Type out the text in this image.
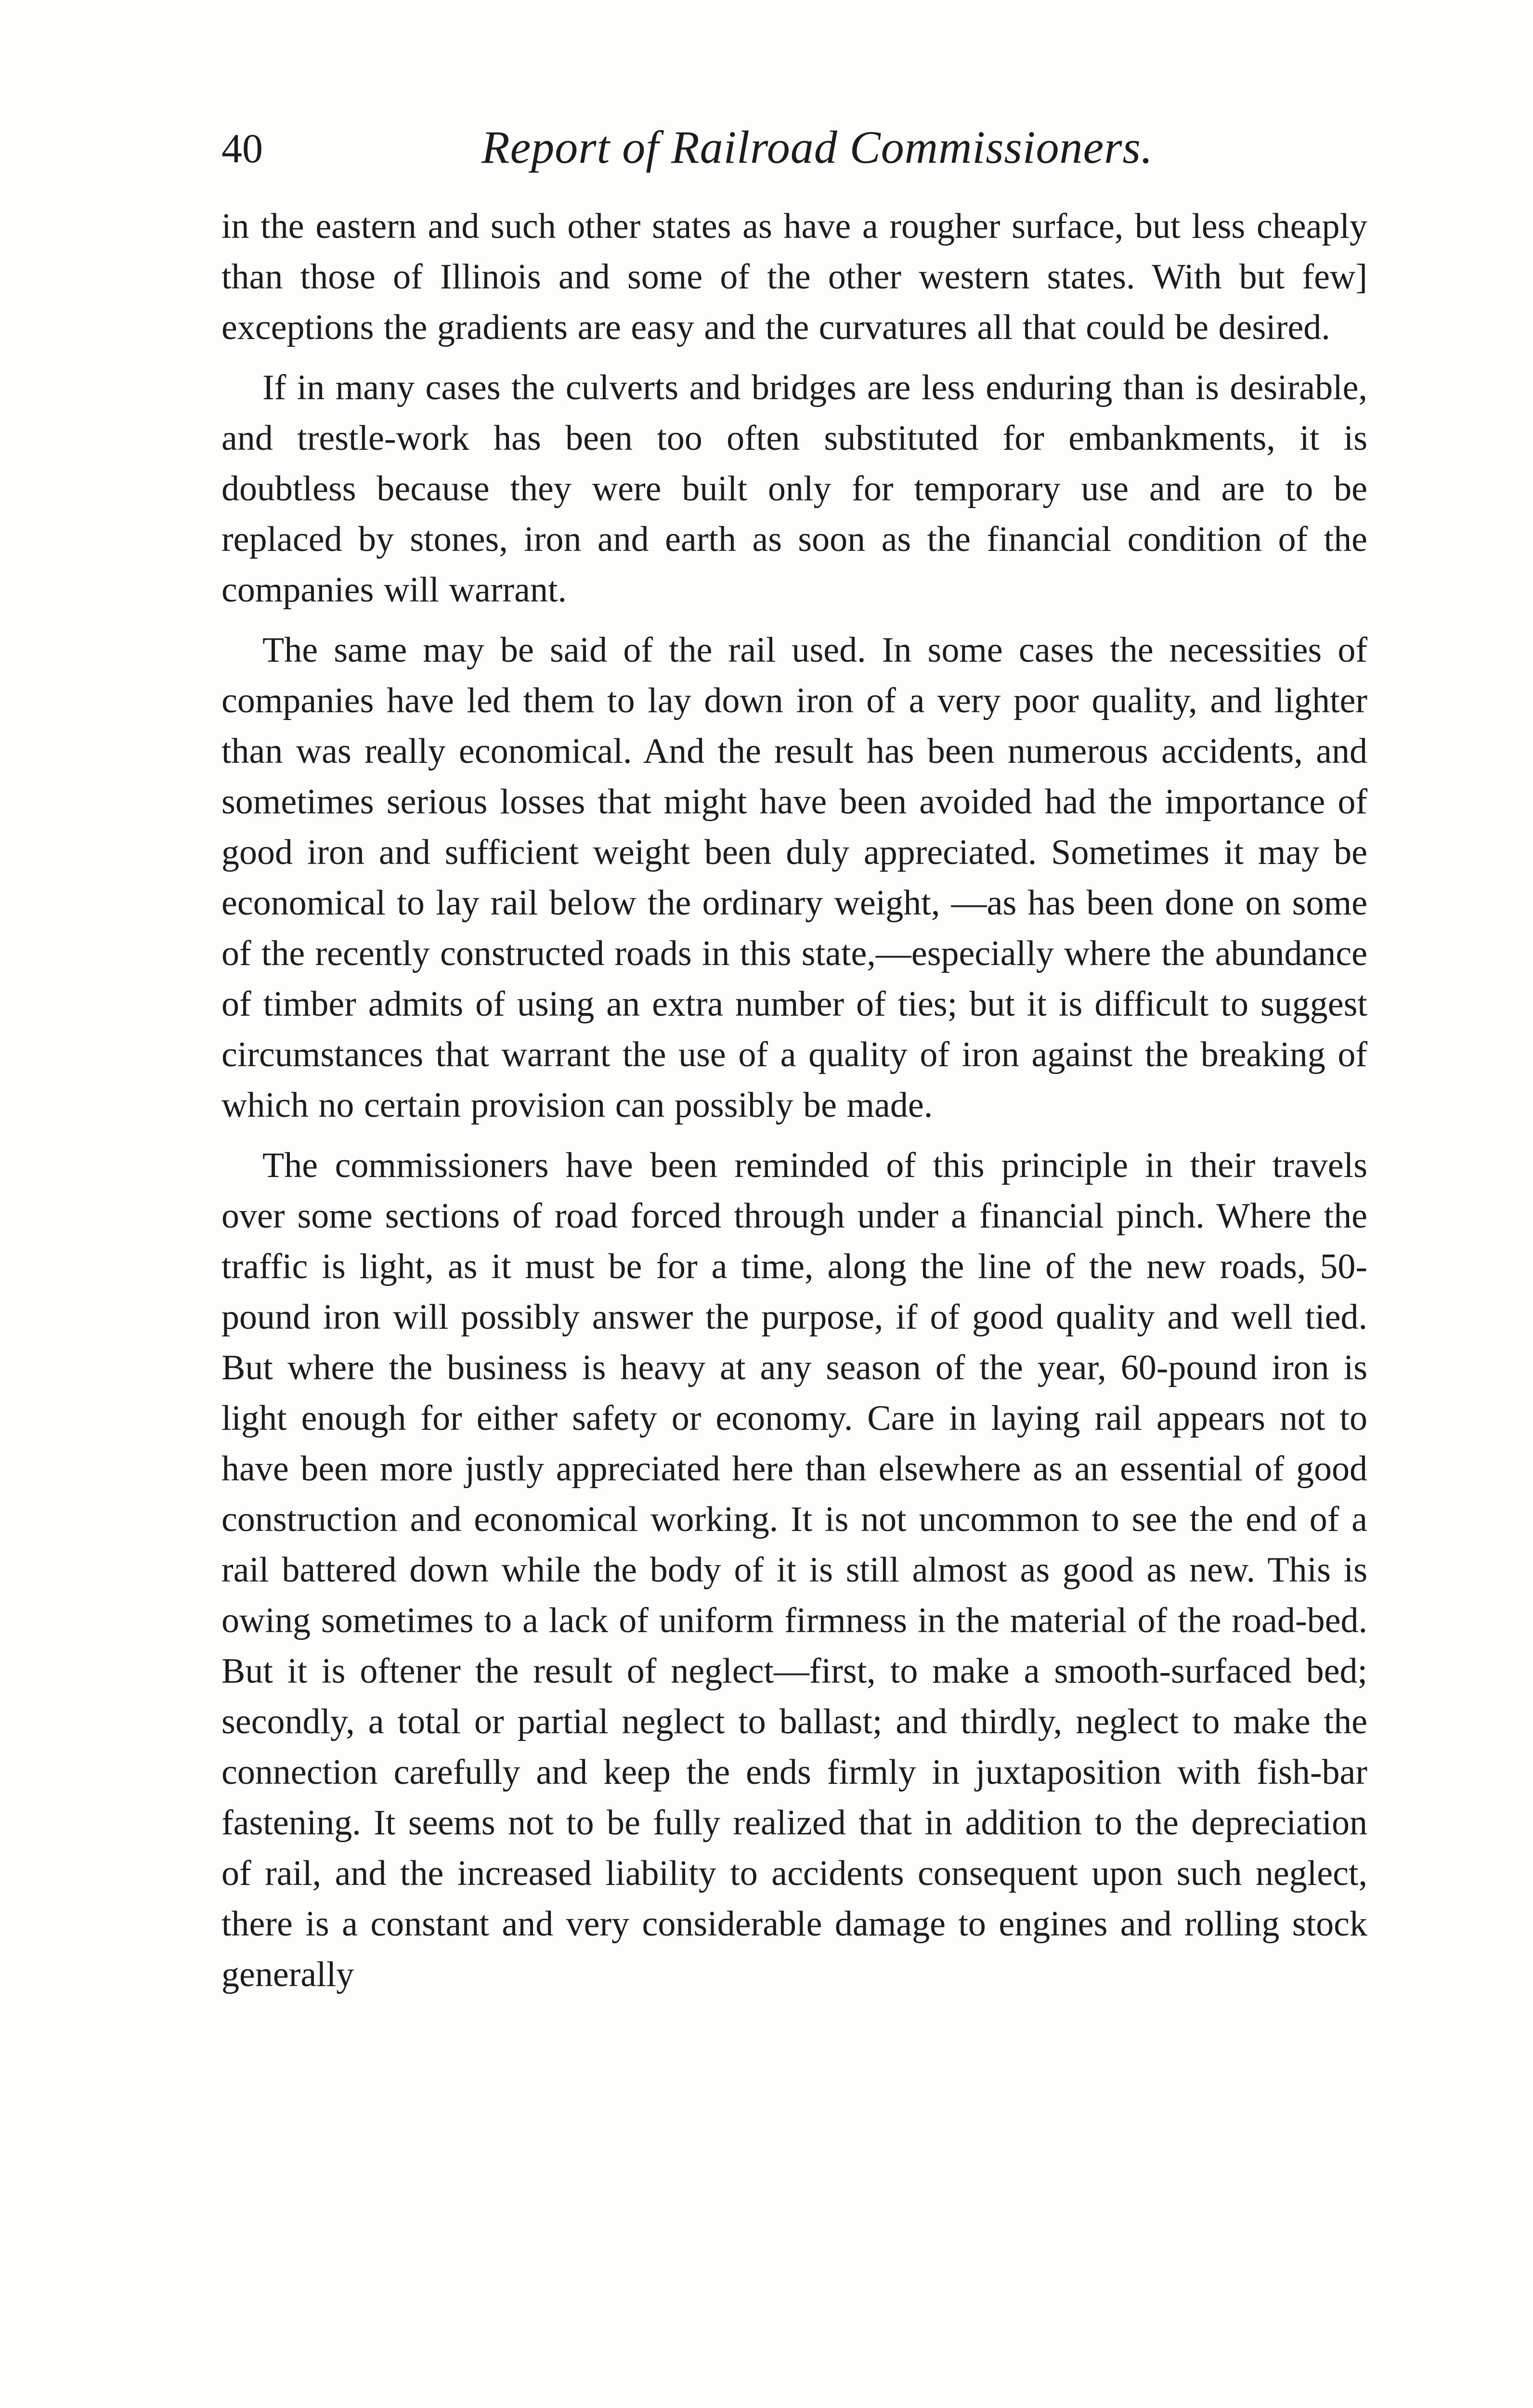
40	Report of Railroad Commissioners.

in the eastern and such other states as have a rougher surface, but less cheaply than those of Illinois and some of the other western states. With but few] exceptions the gradients are easy and the curvatures all that could be desired.

If in many cases the culverts and bridges are less enduring than is desirable, and trestle-work has been too often substituted for embankments, it is doubtless because they were built only for temporary use and are to be replaced by stones, iron and earth as soon as the financial condition of the companies will warrant.

The same may be said of the rail used. In some cases the necessities of companies have led them to lay down iron of a very poor quality, and lighter than was really economical. And the result has been numerous accidents, and sometimes serious losses that might have been avoided had the importance of good iron and sufficient weight been duly appreciated. Sometimes it may be economical to lay rail below the ordinary weight, —as has been done on some of the recently constructed roads in this state,—especially where the abundance of timber admits of using an extra number of ties; but it is difficult to suggest circumstances that warrant the use of a quality of iron against the breaking of which no certain provision can possibly be made.

The commissioners have been reminded of this principle in their travels over some sections of road forced through under a financial pinch. Where the traffic is light, as it must be for a time, along the line of the new roads, 50-pound iron will possibly answer the purpose, if of good quality and well tied. But where the business is heavy at any season of the year, 60-pound iron is light enough for either safety or economy. Care in laying rail appears not to have been more justly appreciated here than elsewhere as an essential of good construction and economical working. It is not uncommon to see the end of a rail battered down while the body of it is still almost as good as new. This is owing sometimes to a lack of uniform firmness in the material of the road-bed. But it is oftener the result of neglect—first, to make a smooth-surfaced bed; secondly, a total or partial neglect to ballast; and thirdly, neglect to make the connection carefully and keep the ends firmly in juxtaposition with fish-bar fastening. It seems not to be fully realized that in addition to the depreciation of rail, and the increased liability to accidents consequent upon such neglect, there is a constant and very considerable damage to engines and rolling stock generally
